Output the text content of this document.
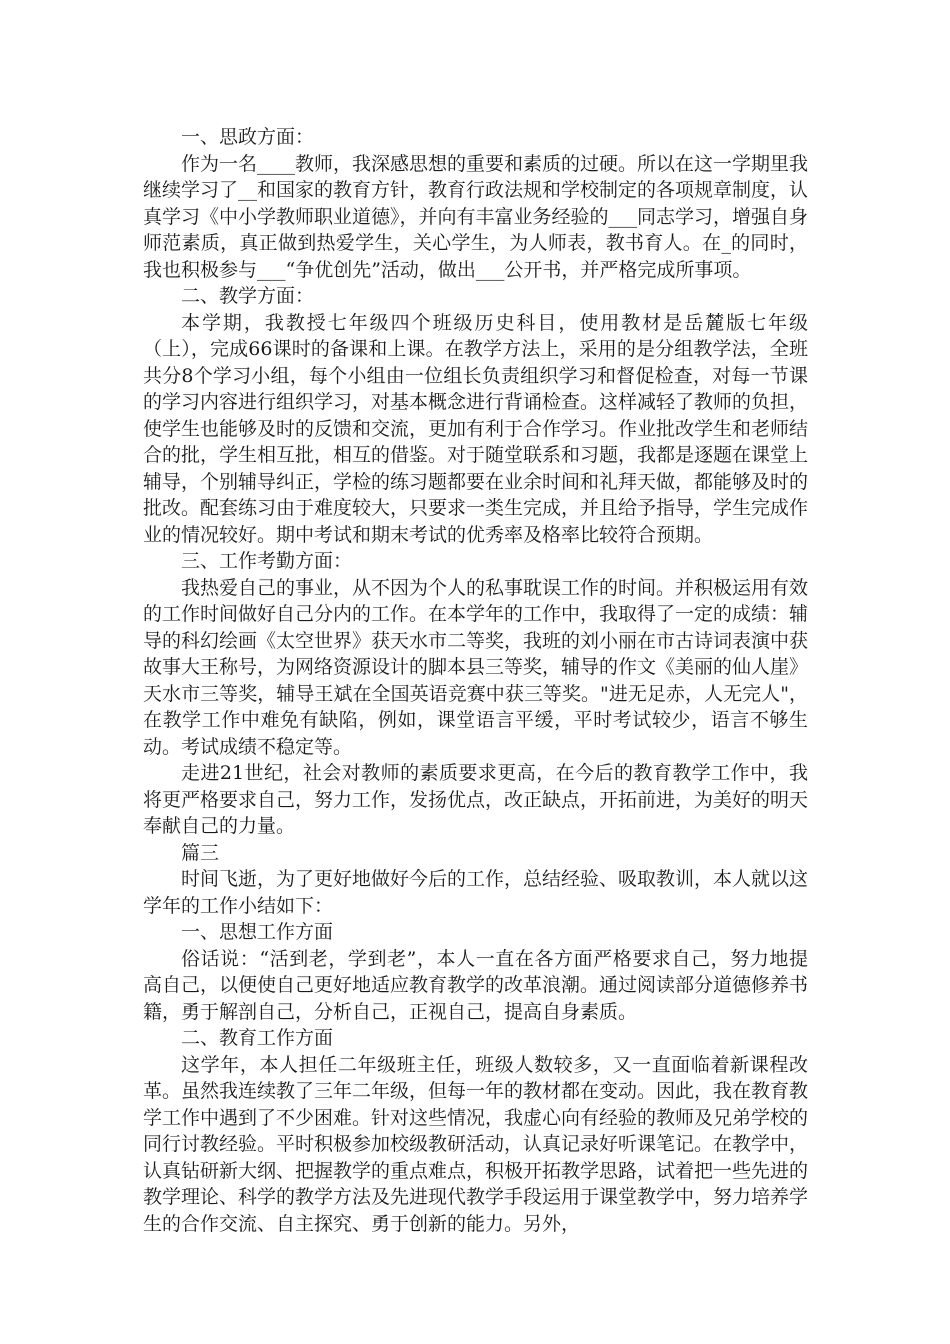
一、思政方面：

作为一名____教师，我深感思想的重要和素质的过硬。所以在这一学期里我继续学习了__和国家的教育方针，教育行政法规和学校制定的各项规章制度，认真学习《中小学教师职业道德》，并向有丰富业务经验的___同志学习，增强自身师范素质，真正做到热爱学生，关心学生，为人师表，教书育人。在_的同时，我也积极参与___“争优创先”活动，做出___公开书，并严格完成所事项。

二、教学方面：

本学期，我教授七年级四个班级历史科目，使用教材是岳麓版七年级（上），完成66课时的备课和上课。在教学方法上，采用的是分组教学法，全班共分8个学习小组，每个小组由一位组长负责组织学习和督促检查，对每一节课的学习内容进行组织学习，对基本概念进行背诵检查。这样减轻了教师的负担，使学生也能够及时的反馈和交流，更加有利于合作学习。作业批改学生和老师结合的批，学生相互批，相互的借鉴。对于随堂联系和习题，我都是逐题在课堂上辅导，个别辅导纠正，学检的练习题都要在业余时间和礼拜天做，都能够及时的批改。配套练习由于难度较大，只要求一类生完成，并且给予指导，学生完成作业的情况较好。期中考试和期末考试的优秀率及格率比较符合预期。

三、工作考勤方面：

我热爱自己的事业，从不因为个人的私事耽误工作的时间。并积极运用有效的工作时间做好自己分内的工作。在本学年的工作中，我取得了一定的成绩：辅导的科幻绘画《太空世界》获天水市二等奖，我班的刘小丽在市古诗词表演中获故事大王称号，为网络资源设计的脚本县三等奖，辅导的作文《美丽的仙人崖》天水市三等奖，辅导王斌在全国英语竞赛中获三等奖。"进无足赤，人无完人"，在教学工作中难免有缺陷，例如，课堂语言平缓，平时考试较少，语言不够生动。考试成绩不稳定等。

走进21世纪，社会对教师的素质要求更高，在今后的教育教学工作中，我将更严格要求自己，努力工作，发扬优点，改正缺点，开拓前进，为美好的明天奉献自己的力量。

篇三

时间飞逝，为了更好地做好今后的工作，总结经验、吸取教训，本人就以这学年的工作小结如下：

一、思想工作方面

俗话说：“活到老，学到老”，本人一直在各方面严格要求自己，努力地提高自己，以便使自己更好地适应教育教学的改革浪潮。通过阅读部分道德修养书籍，勇于解剖自己，分析自己，正视自己，提高自身素质。

二、教育工作方面

这学年，本人担任二年级班主任，班级人数较多，又一直面临着新课程改革。虽然我连续教了三年二年级，但每一年的教材都在变动。因此，我在教育教学工作中遇到了不少困难。针对这些情况，我虚心向有经验的教师及兄弟学校的同行讨教经验。平时积极参加校级教研活动，认真记录好听课笔记。在教学中，认真钻研新大纲、把握教学的重点难点，积极开拓教学思路，试着把一些先进的教学理论、科学的教学方法及先进现代教学手段运用于课堂教学中，努力培养学生的合作交流、自主探究、勇于创新的能力。另外，
